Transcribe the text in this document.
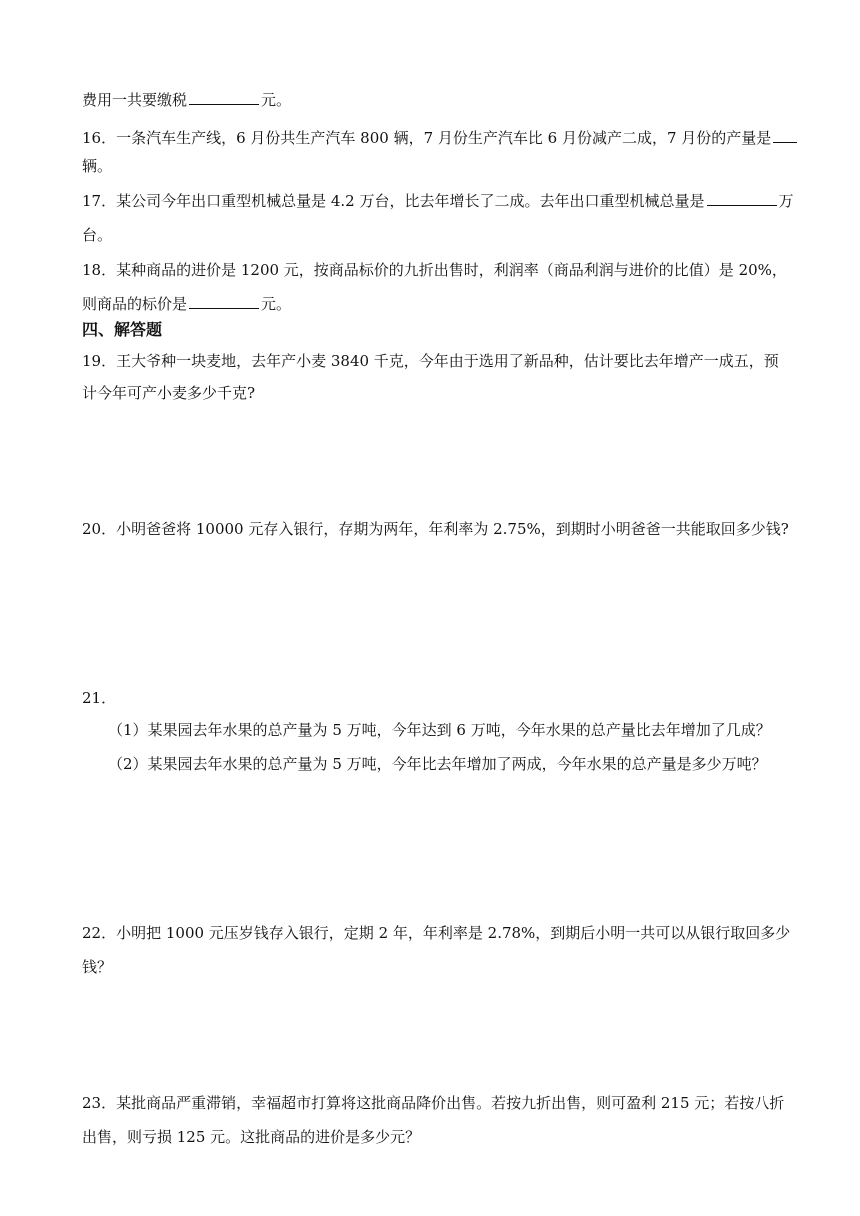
费用一共要缴税	元。
16．一条汽车生产线，6 月份共生产汽车 800 辆，7 月份生产汽车比 6 月份减产二成，7 月份的产量是
辆。
17．某公司今年出口重型机械总量是 4.2 万台，比去年增长了二成。去年出口重型机械总量是	万
台。
18．某种商品的进价是 1200 元，按商品标价的九折出售时，利润率（商品利润与进价的比值）是 20%，
则商品的标价是	元。
四、解答题
19．王大爷种一块麦地，去年产小麦 3840 千克，今年由于选用了新品种，估计要比去年增产一成五，预
计今年可产小麦多少千克?
20．小明爸爸将 10000 元存入银行，存期为两年，年利率为 2.75%，到期时小明爸爸一共能取回多少钱?
21．
（1）某果园去年水果的总产量为 5 万吨，今年达到 6 万吨，今年水果的总产量比去年增加了几成？
（2）某果园去年水果的总产量为 5 万吨，今年比去年增加了两成，今年水果的总产量是多少万吨？
22．小明把 1000 元压岁钱存入银行，定期 2 年，年利率是 2.78%，到期后小明一共可以从银行取回多少
钱？
23．某批商品严重滞销，幸福超市打算将这批商品降价出售。若按九折出售，则可盈利 215 元；若按八折
出售，则亏损 125 元。这批商品的进价是多少元？
